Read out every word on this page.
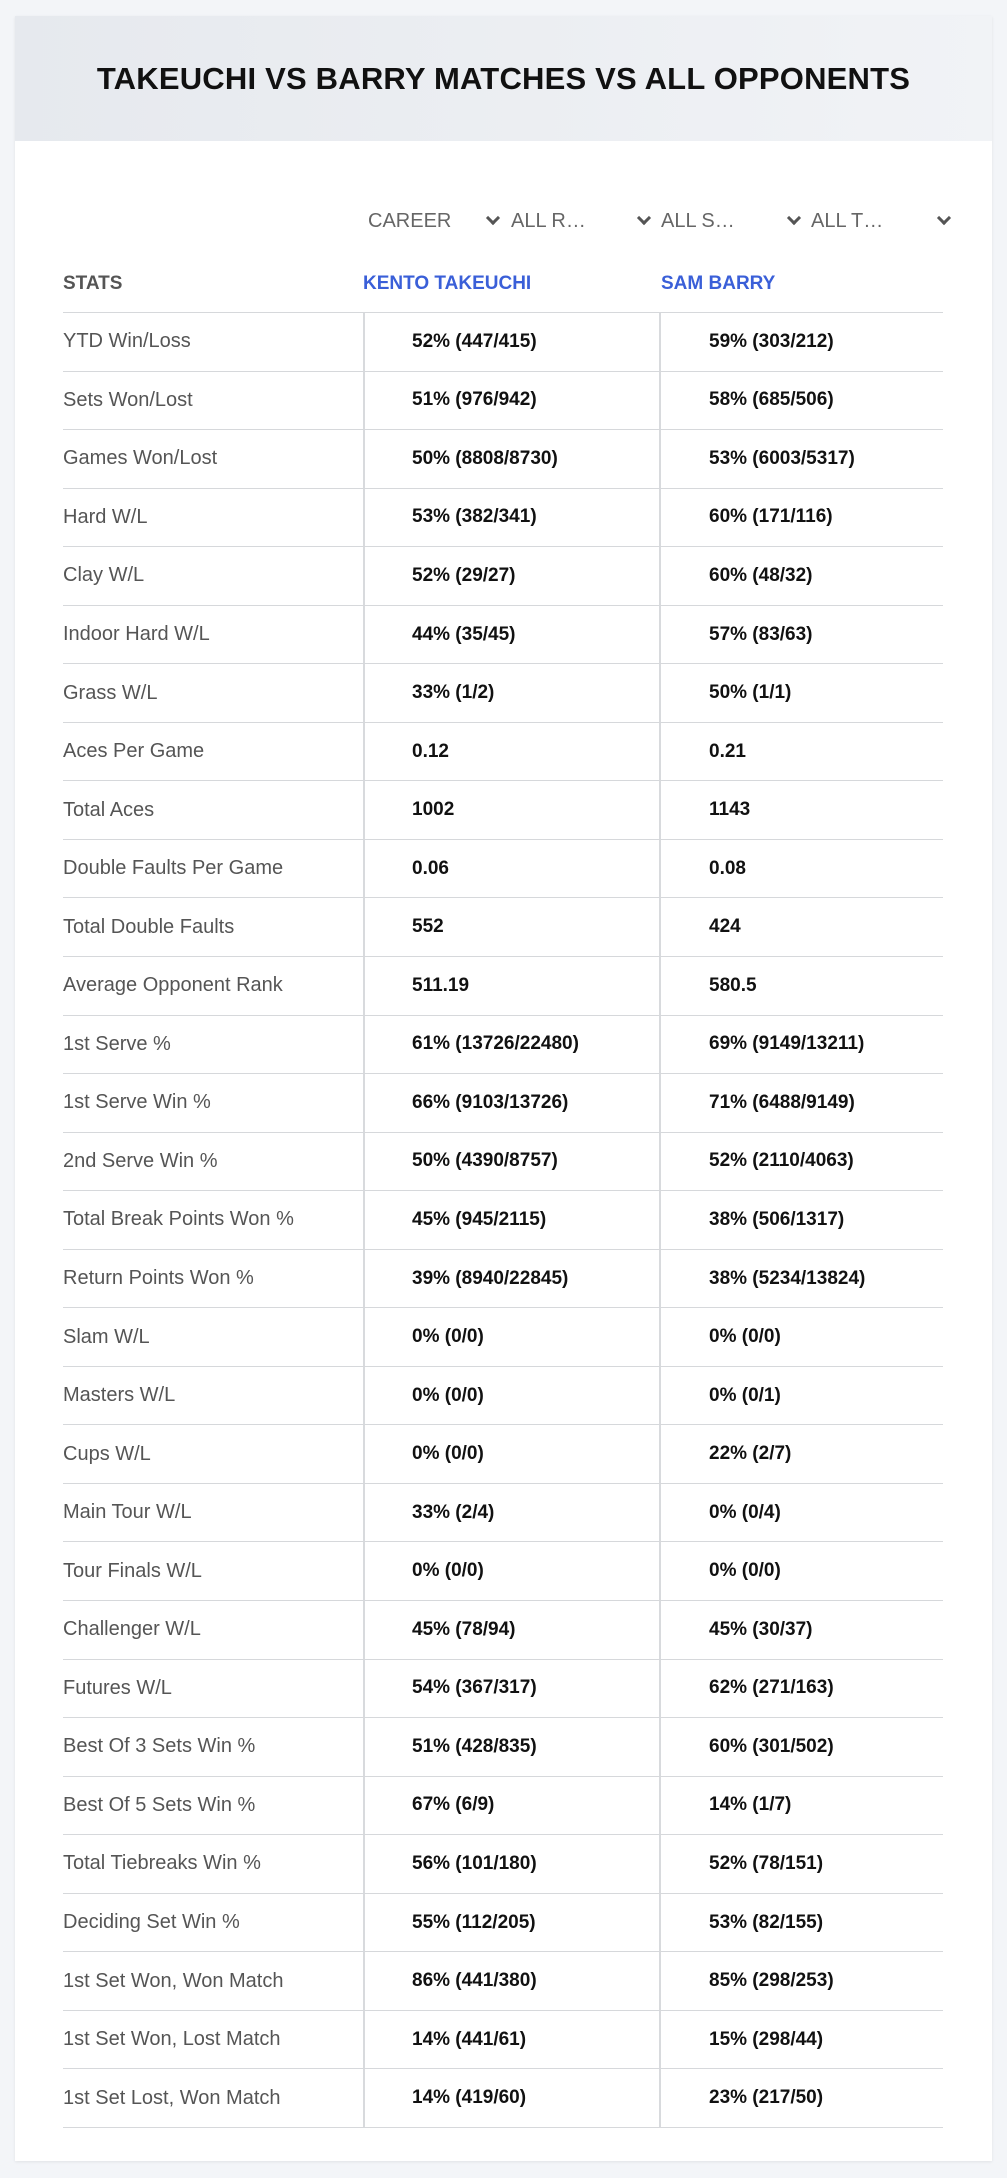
TAKEUCHI VS BARRY MATCHES VS ALL OPPONENTS
CAREER	ALL R…	ALL S…	ALL T…
STATS	KENTO TAKEUCHI	SAM BARRY
YTD Win/Loss	52% (447/415)	59% (303/212)
Sets Won/Lost	51% (976/942)	58% (685/506)
Games Won/Lost	50% (8808/8730)	53% (6003/5317)
Hard W/L	53% (382/341)	60% (171/116)
Clay W/L	52% (29/27)	60% (48/32)
Indoor Hard W/L	44% (35/45)	57% (83/63)
Grass W/L	33% (1/2)	50% (1/1)
Aces Per Game	0.12	0.21
Total Aces	1002	1143
Double Faults Per Game	0.06	0.08
Total Double Faults	552	424
Average Opponent Rank	511.19	580.5
1st Serve %	61% (13726/22480)	69% (9149/13211)
1st Serve Win %	66% (9103/13726)	71% (6488/9149)
2nd Serve Win %	50% (4390/8757)	52% (2110/4063)
Total Break Points Won %	45% (945/2115)	38% (506/1317)
Return Points Won %	39% (8940/22845)	38% (5234/13824)
Slam W/L	0% (0/0)	0% (0/0)
Masters W/L	0% (0/0)	0% (0/1)
Cups W/L	0% (0/0)	22% (2/7)
Main Tour W/L	33% (2/4)	0% (0/4)
Tour Finals W/L	0% (0/0)	0% (0/0)
Challenger W/L	45% (78/94)	45% (30/37)
Futures W/L	54% (367/317)	62% (271/163)
Best Of 3 Sets Win %	51% (428/835)	60% (301/502)
Best Of 5 Sets Win %	67% (6/9)	14% (1/7)
Total Tiebreaks Win %	56% (101/180)	52% (78/151)
Deciding Set Win %	55% (112/205)	53% (82/155)
1st Set Won, Won Match	86% (441/380)	85% (298/253)
1st Set Won, Lost Match	14% (441/61)	15% (298/44)
1st Set Lost, Won Match	14% (419/60)	23% (217/50)
